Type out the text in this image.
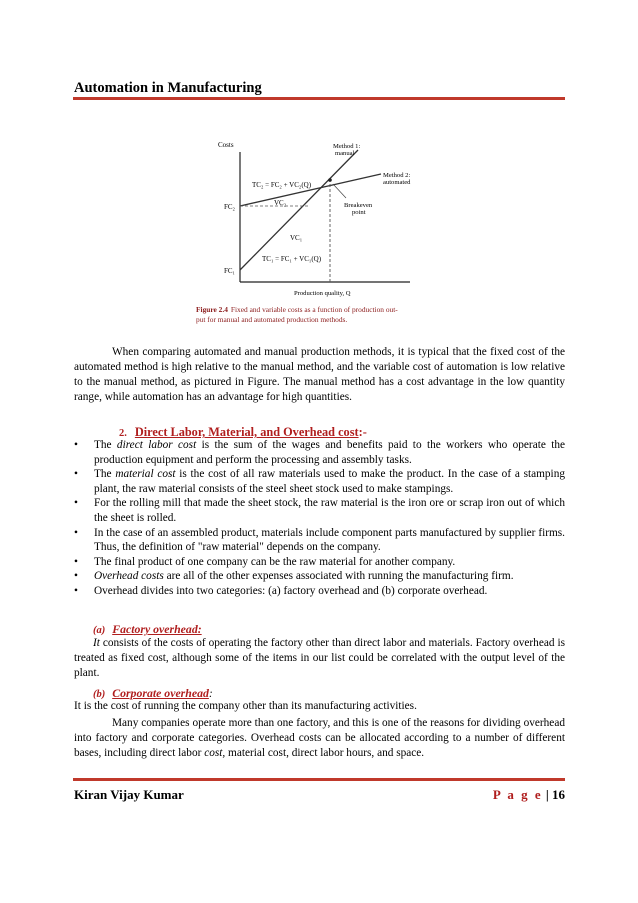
Automation in Manufacturing
Costs	Method 1:
manual
Method 2:
automated
TC₂ = FC₂ + VC₂(Q)
VC₂
FC₂	Breakeven
point
VC₁
TC₁ = FC₁ + VC₁(Q)
FC₁
Production quality, Q
Figure 2.4 Fixed and variable costs as a function of production out-
put for manual and automated production methods.
When comparing automated and manual production methods, it is typical that the fixed cost of the automated method is high relative to the manual method, and the variable cost of automation is low relative to the manual method, as pictured in Figure. The manual method has a cost advantage in the low quantity range, while automation has an advantage for high quantities.
2. Direct Labor, Material, and Overhead cost:-
• The direct labor cost is the sum of the wages and benefits paid to the workers who operate the production equipment and perform the processing and assembly tasks.
• The material cost is the cost of all raw materials used to make the product. In the case of a stamping plant, the raw material consists of the steel sheet stock used to make stampings.
• For the rolling mill that made the sheet stock, the raw material is the iron ore or scrap iron out of which the sheet is rolled.
• In the case of an assembled product, materials include component parts manufactured by supplier firms. Thus, the definition of "raw material" depends on the company.
• The final product of one company can be the raw material for another company.
• Overhead costs are all of the other expenses associated with running the manufacturing firm.
• Overhead divides into two categories: (a) factory overhead and (b) corporate overhead.
(a) Factory overhead:
It consists of the costs of operating the factory other than direct labor and materials. Factory overhead is treated as fixed cost, although some of the items in our list could be correlated with the output level of the plant.
(b) Corporate overhead:
It is the cost of running the company other than its manufacturing activities.
Many companies operate more than one factory, and this is one of the reasons for dividing overhead into factory and corporate categories. Overhead costs can be allocated according to a number of different bases, including direct labor cost, material cost, direct labor hours, and space.
Kiran Vijay Kumar	P a g e | 16
